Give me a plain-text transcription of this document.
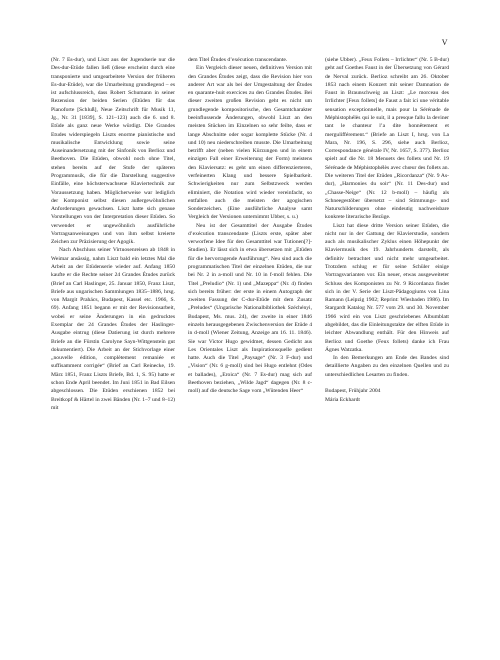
V

(Nr. 7 Es-dur), und Liszt aus der Jugendserie nur die Des-dur-Etüde fallen ließ (diese erscheint durch eine transponierte und umgearbeitete Version der früheren Es-dur-Etüde), war die Umarbeitung grundlegend – es ist aufschlussreich, dass Robert Schumann in seiner Rezension der beiden Serien (Etüden für das Pianoforte [Schluß], Neue Zeitschrift für Musik 11, Jg., Nr. 31 [1839], S. 121–123) auch die 6. und 8. Etüde als ganz neue Werke würdigt. Die Grandes Etudes widerspiegeln Liszts enorme pianistische und musikalische Entwicklung sowie seine Auseinandersetzung mit der Sinfonik von Berlioz und Beethoven. Die Etüden, obwohl noch ohne Titel, stehen bereits auf der Stufe der späteren Programmusik, die für die Darstellung suggestive Einfälle, eine höchsterwachsene Klaviertechnik zur Voraussetzung haben. Möglicherweise war lediglich der Komponist selbst diesen außergewöhnlichen Anforderungen gewachsen. Liszt hatte sich genaue Vorstellungen von der Interpretation dieser Etüden. So verwendet er ungewöhnlich ausführliche Vortragsanweisungen und von ihm selbst kreierte Zeichen zur Präzisierung der Agogik.

Nach Abschluss seiner Virtuosenreisen ab 1848 in Weimar ansässig, nahm Liszt bald ein letztes Mal die Arbeit an der Etüdenserie wieder auf. Anfang 1850 kaufte er die Rechte seiner 24 Grandes Études zurück (Brief an Carl Haslinger, 25. Januar 1850, Franz Liszt, Briefe aus ungarischen Sammlungen 1835–1886, hrsg. von Margit Prahács, Budapest, Kassel etc. 1966, S. 69). Anfang 1851 begann er mit der Revisionsarbeit, wobei er seine Änderungen in ein gedrucktes Exemplar der 24 Grandes Études der Haslinger-Ausgabe eintrug (diese Datierung ist durch mehrere Briefe an die Fürstin Carolyne Sayn-Wittgenstein gut dokumentiert). Die Arbeit an der Stichvorlage einer „nouvelle édition, complètement remaniée et suffisamment corrigée“ (Brief an Carl Reinecke, 19. März 1851, Franz Liszts Briefe, Bd. 1, S. 95) hatte er schon Ende April beendet. Im Juni 1851 in Bad Eilsen abgeschlossen. Die Etüden erschienen 1852 bei Breitkopf & Härtel in zwei Bänden (Nr. 1–7 und 8–12) mit

dem Titel Études d’exécution transcendante.

Ein Vergleich dieser neuen, definitiven Version mit den Grandes Études zeigt, dass die Revision hier von anderer Art war als bei der Umgestaltung der Études en quarante-huit exercices zu den Grandes Études. Bei dieser zweiten großen Revision geht es nicht um grundlegende kompositorische, den Gesamtcharakter beeinflussende Änderungen, obwohl Liszt an den meisten Stücken im Einzelnen so sehr feilte, dass er lange Abschnitte oder sogar komplette Stücke (Nr. 4 und 10) neu niederschreiben musste. Die Umarbeitung betrifft aber (neben vielen Kürzungen und in einem einzigen Fall einer Erweiterung der Form) meistens den Klaviersatz: es geht um einen differenzierteren, verfeinerten Klang und bessere Spielbarkeit. Schwierigkeiten nur zum Selbstzweck werden eliminiert, die Notation wird wieder vereinfacht, so entfallen auch die meisten der agogischen Sonderzeichen. (Eine ausführliche Analyse samt Vergleich der Versionen unternimmt Ubber, s. u.)

Neu ist der Gesamttitel der Ausgabe Études d’exécution transcendante (Liszts erste, später aber verworfene Idee für den Gesamttitel war Tutionen[?]-Studien). Er lässt sich in etwa übersetzen mit „Etüden für die hervorragende Ausführung“. Neu sind auch die programmatischen Titel der einzelnen Etüden, die nur bei Nr. 2 in a-moll und Nr. 10 in f-moll fehlen. Die Titel „Preludio“ (Nr. 1) und „Mazeppa“ (Nr. 4) finden sich bereits früher: der erste in einem Autograph der zweiten Fassung der C-dur-Etüde mit dem Zusatz „Preludes“ (Ungarische Nationalbibliothek Széchényi, Budapest, Ms. mus. 24), der zweite in einer 1846 einzeln herausgegebenen Zwischenversion der Etüde 4 in d-moll (Wiener Zeitung, Anzeige am 16. 11. 1846). Sie war Victor Hugo gewidmet, dessen Gedicht aus Les Orientales Liszt als Inspirationsquelle gedient hatte. Auch die Titel „Paysage“ (Nr. 3 F-dur) und „Vision“ (Nr. 6 g-moll) sind bei Hugo entlehnt (Odes et ballades), „Eroica“ (Nr. 7 Es-dur) mag sich auf Beethoven beziehen, „Wilde Jagd“ dagegen (Nr. 8 c-moll) auf die deutsche Sage vom „Wütenden Heer“

(siehe Ubber). „Feux Follets – Irrlichter“ (Nr. 5 B-dur) geht auf Goethes Faust in der Übersetzung von Gérard de Nerval zurück. Berlioz schreibt am 26. Oktober 1853 nach einem Konzert mit seiner Damnation de Faust in Braunschweig an Liszt: „Le morceau des Irrlichter [Feux follets] de Faust a fait ici une véritable sensation exceptionnelle, mais pour la Sérénade de Méphistophélès qui le suit, il a presque fallu la deviner tant le chanteur l’a dite honnêtement et mergulifférement.“ (Briefe an Liszt I, hrsg. von La Mara, Nr. 196, S. 296, siehe auch Berlioz, Correspondance générale IV, Nr. 1657, S. 377). Berlioz spielt auf die Nr. 18 Menuets des follets und Nr. 19 Sérénade de Méphistophélès avec chœur des follets an. Die weiteren Titel der Etüden „Ricordanza“ (Nr. 9 As-dur), „Harmonies du soir“ (Nr. 11 Des-dur) und „Chasse-Neige“ (Nr. 12 b-moll) – häufig als Schneegestöber übersetzt – sind Stimmungs- und Naturschilderungen ohne eindeutig nachweisbare konkrete literarische Bezüge.

Liszt hat diese dritte Version seiner Etüden, die nicht nur in der Gattung der Klavierstudie, sondern auch als musikalischer Zyklus einen Höhepunkt der Klaviermusik des 19. Jahrhunderts darstellt, als definitiv betrachtet und nicht mehr umgearbeitet. Trotzdem schlug er für seine Schüler einige Vortragsvarianten vor. Ein neuer, etwas ausgeweiteter Schluss des Komponisten zu Nr. 9 Ricordanza findet sich in der V. Serie der Liszt-Pädagogiums von Lina Ramann (Leipzig 1902; Reprint: Wiesbaden 1986). Im Stargardt Katalog Nr. 577 vom 29. und 30. November 1966 wird ein von Liszt geschriebenes Albumblatt abgebildet, das die Einleitungstakte der elften Etüde in leichter Abwandlung enthält. Für den Hinweis auf Berlioz und Goethe (Feux follets) danke ich Frau Ágnes Watzatka.

In den Bemerkungen am Ende des Bandes sind detaillierte Angaben zu den einzelnen Quellen und zu unterschiedlichen Lesarten zu finden.

Budapest, Frühjahr 2004

Mária Eckhardt
